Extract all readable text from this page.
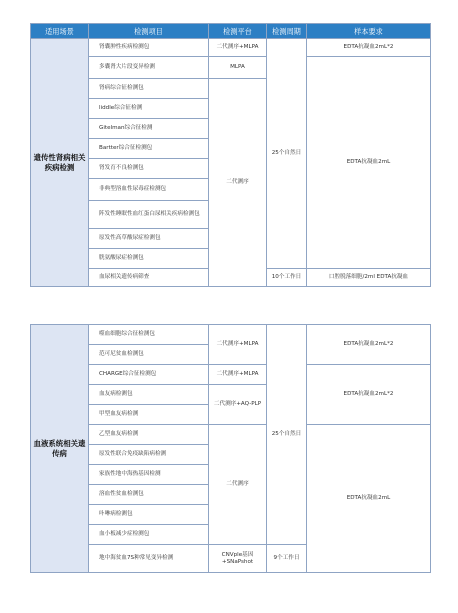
适用场景	检测项目	检测平台	检测周期	样本要求
遗传性肾病相关疾病检测	肾囊肿性疾病检测包	二代测序+MLPA	25个自然日	EDTA抗凝血2mL*2
	多囊肾大片段变异检测	MLPA		EDTA抗凝血2mL
	肾病综合征检测包	二代测序		
	liddle综合征检测			
	Gitelman综合征检测			
	Bartter综合征检测包			
	肾发育不良检测包			
	非典型溶血性尿毒症检测包			
	阵发性睡眠性血红蛋白尿相关疾病检测包			
	原发性高草酸尿症检测包			
	胱氨酸尿症检测包			
	血尿相关遗传病筛查		10个工作日	口腔脱落细胞/2ml EDTA抗凝血
血液系统相关遗传病	噬血细胞综合征检测包	二代测序+MLPA	25个自然日	EDTA抗凝血2mL*2
	范可尼贫血检测包			
	CHARGE综合征检测包	二代测序+MLPA		EDTA抗凝血2mL*2
	血友病检测包	二代测序+AQ-PLP		
	甲型血友病检测			
	乙型血友病检测	二代测序		EDTA抗凝血2mL
	原发性联合免疫缺陷病检测			
	家族性地中海热基因检测			
	溶血性贫血检测包			
	卟啉病检测包			
	血小板减少症检测包			
	地中海贫血7S种常见变异检测	CNVple基因+SNaPshot	9个工作日	
